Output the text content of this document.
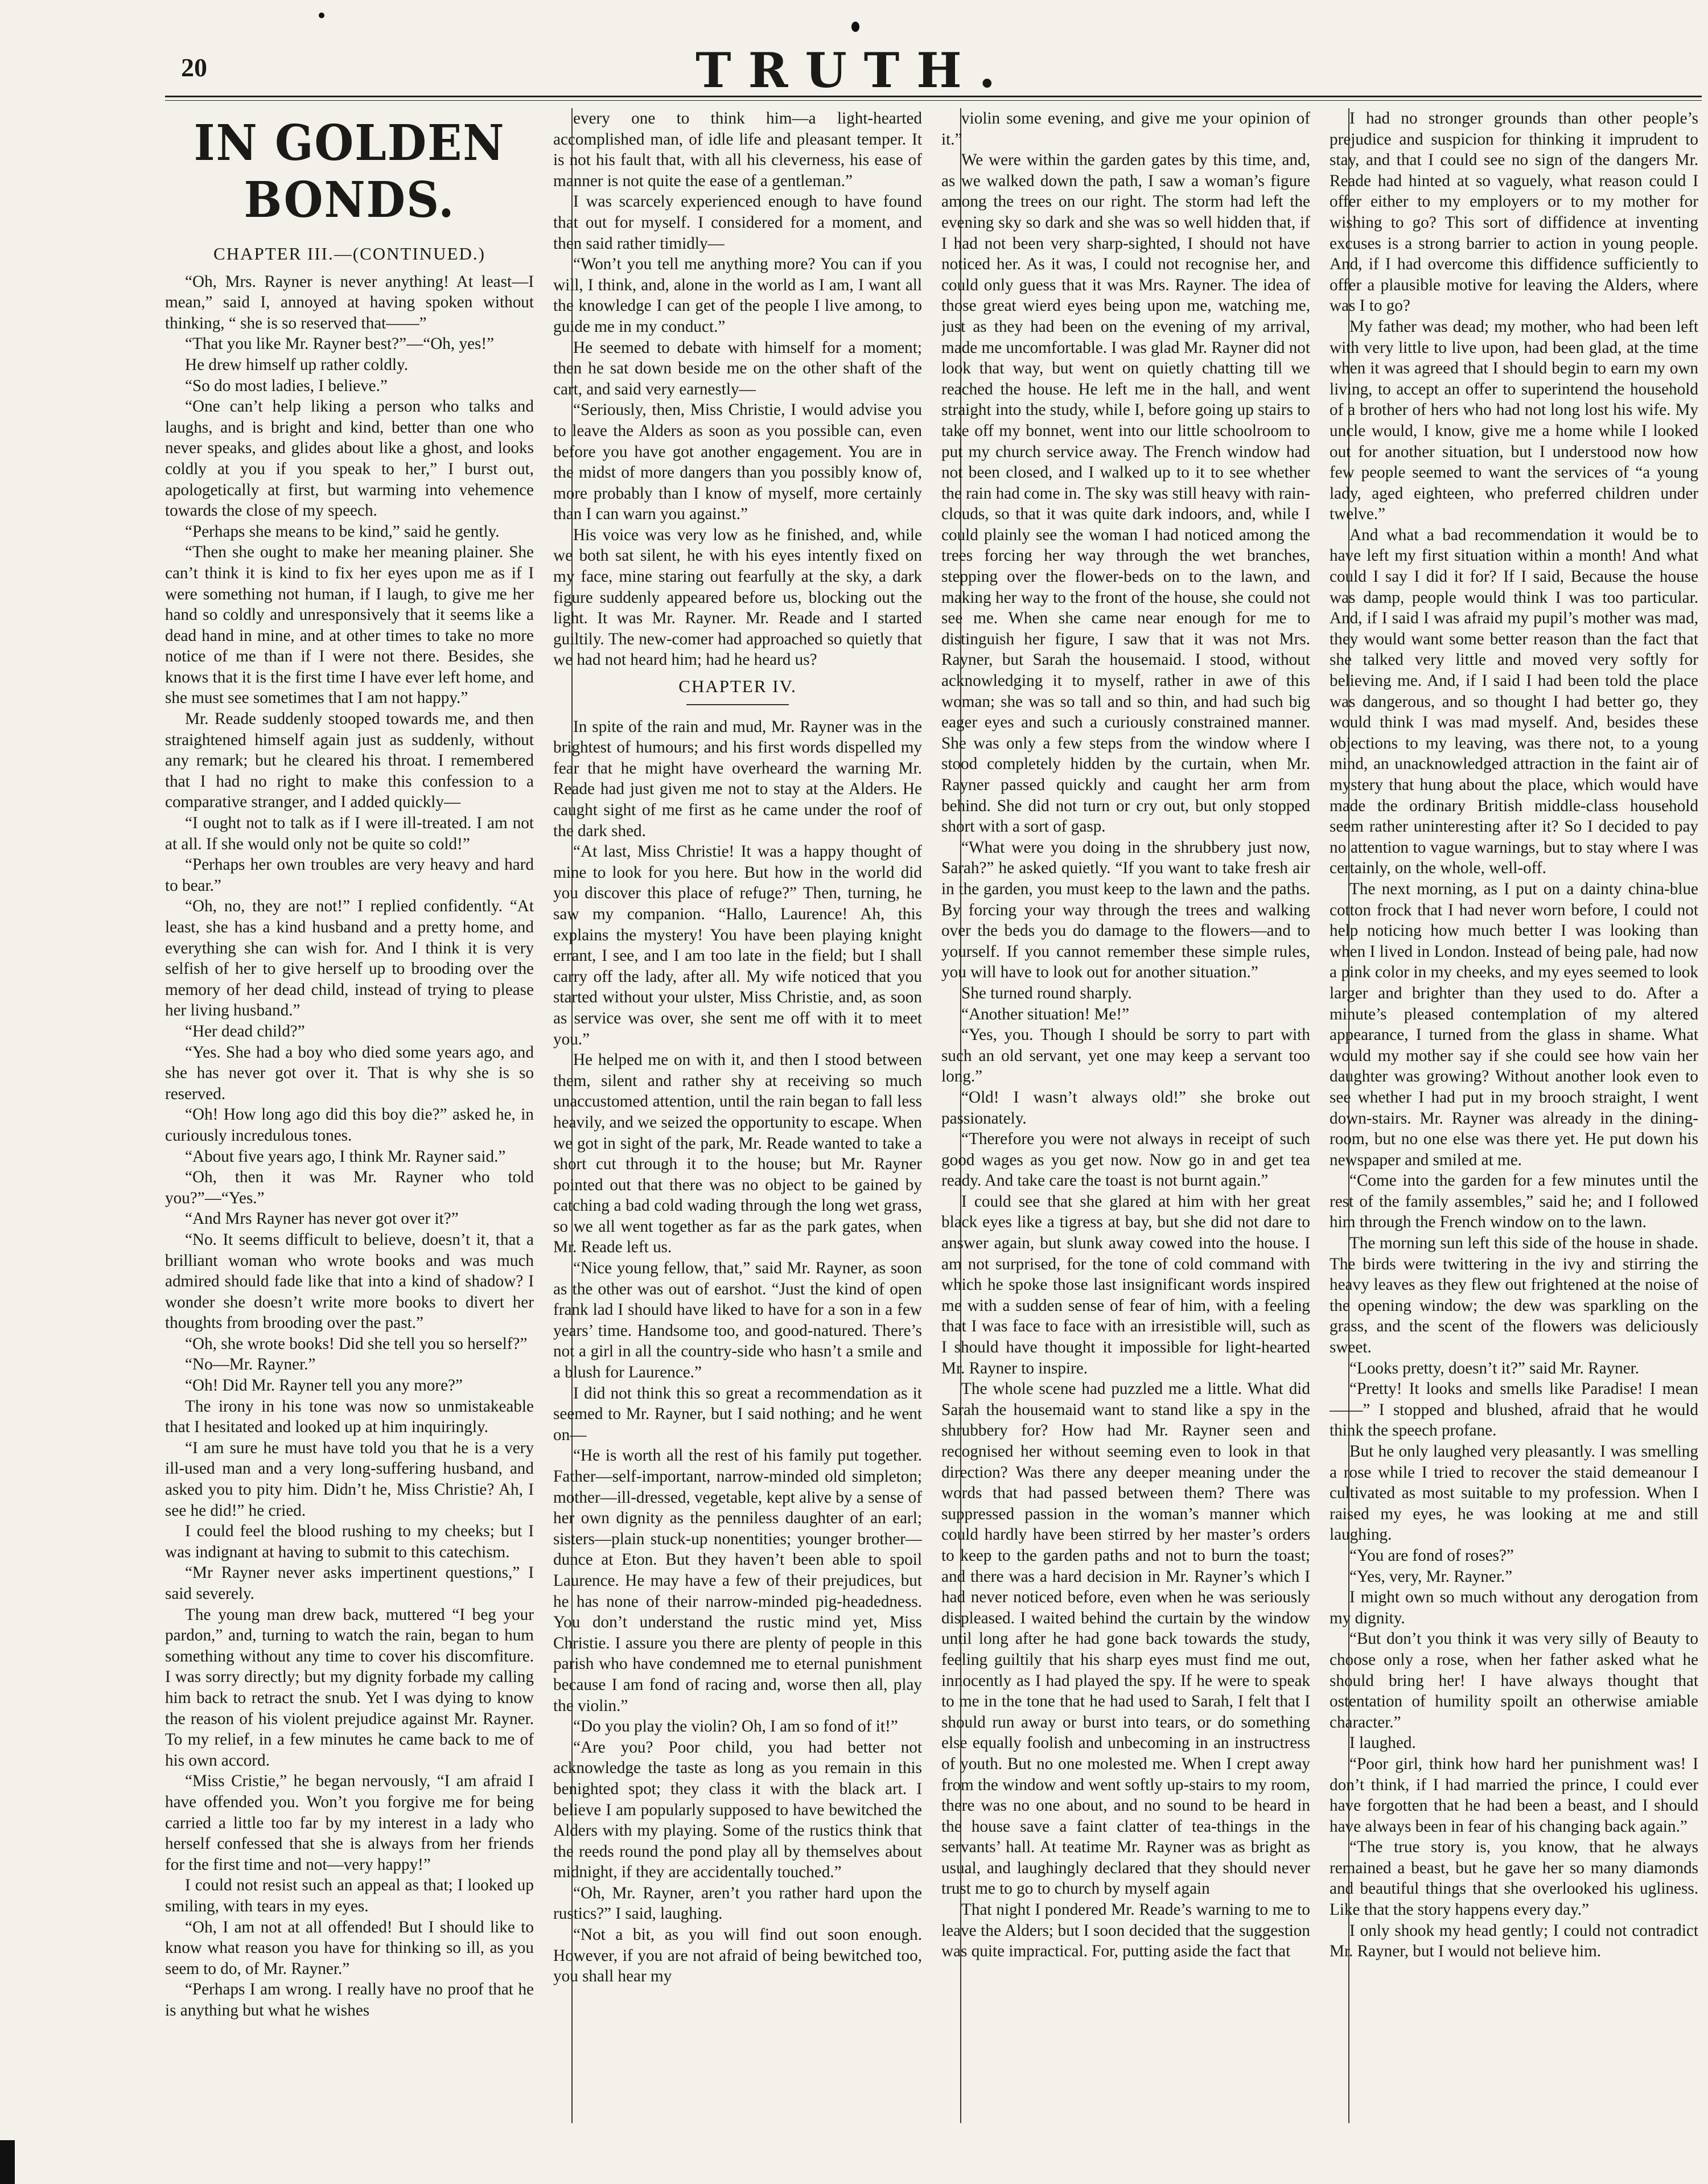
20	TRUTH.
IN GOLDEN BONDS.
CHAPTER III.—(CONTINUED.)

“Oh, Mrs. Rayner is never anything! At least—I mean,” said I, annoyed at having spoken without thinking, “ she is so reserved that——”

“That you like Mr. Rayner best?”—“Oh, yes!”

He drew himself up rather coldly.

“So do most ladies, I believe.”

“One can’t help liking a person who talks and laughs, and is bright and kind, better than one who never speaks, and glides about like a ghost, and looks coldly at you if you speak to her,” I burst out, apologetically at first, but warming into vehemence towards the close of my speech.

“Perhaps she means to be kind,” said he gently.

“Then she ought to make her meaning plainer. She can’t think it is kind to fix her eyes upon me as if I were something not human, if I laugh, to give me her hand so coldly and unresponsively that it seems like a dead hand in mine, and at other times to take no more notice of me than if I were not there. Besides, she knows that it is the first time I have ever left home, and she must see sometimes that I am not happy.”

Mr. Reade suddenly stooped towards me, and then straightened himself again just as suddenly, without any remark; but he cleared his throat. I remembered that I had no right to make this confession to a comparative stranger, and I added quickly—

“I ought not to talk as if I were ill-treated. I am not at all. If she would only not be quite so cold!”

“Perhaps her own troubles are very heavy and hard to bear.”

“Oh, no, they are not!” I replied confidently. “At least, she has a kind husband and a pretty home, and everything she can wish for. And I think it is very selfish of her to give herself up to brooding over the memory of her dead child, instead of trying to please her living husband.”

“Her dead child?”

“Yes. She had a boy who died some years ago, and she has never got over it. That is why she is so reserved.

“Oh! How long ago did this boy die?” asked he, in curiously incredulous tones.

“About five years ago, I think Mr. Rayner said.”

“Oh, then it was Mr. Rayner who told you?”—“Yes.”

“And Mrs Rayner has never got over it?”

“No. It seems difficult to believe, doesn’t it, that a brilliant woman who wrote books and was much admired should fade like that into a kind of shadow? I wonder she doesn’t write more books to divert her thoughts from brooding over the past.”

“Oh, she wrote books! Did she tell you so herself?”

“No—Mr. Rayner.”

“Oh! Did Mr. Rayner tell you any more?”

The irony in his tone was now so unmistakeable that I hesitated and looked up at him inquiringly.

“I am sure he must have told you that he is a very ill-used man and a very long-suffering husband, and asked you to pity him. Didn’t he, Miss Christie? Ah, I see he did!” he cried.

I could feel the blood rushing to my cheeks; but I was indignant at having to submit to this catechism.

“Mr Rayner never asks impertinent questions,” I said severely.

The young man drew back, muttered “I beg your pardon,” and, turning to watch the rain, began to hum something without any time to cover his discomfiture. I was sorry directly; but my dignity forbade my calling him back to retract the snub. Yet I was dying to know the reason of his violent prejudice against Mr. Rayner. To my relief, in a few minutes he came back to me of his own accord.

“Miss Cristie,” he began nervously, “I am afraid I have offended you. Won’t you forgive me for being carried a little too far by my interest in a lady who herself confessed that she is always from her friends for the first time and not—very happy!”

I could not resist such an appeal as that; I looked up smiling, with tears in my eyes.

“Oh, I am not at all offended! But I should like to know what reason you have for thinking so ill, as you seem to do, of Mr. Rayner.”

“Perhaps I am wrong. I really have no proof that he is anything but what he wishes

every one to think him—a light-hearted accomplished man, of idle life and pleasant temper. It is not his fault that, with all his cleverness, his ease of manner is not quite the ease of a gentleman.”

I was scarcely experienced enough to have found that out for myself. I considered for a moment, and then said rather timidly—

“Won’t you tell me anything more? You can if you will, I think, and, alone in the world as I am, I want all the knowledge I can get of the people I live among, to guide me in my conduct.”

He seemed to debate with himself for a moment; then he sat down beside me on the other shaft of the cart, and said very earnestly—

“Seriously, then, Miss Christie, I would advise you to leave the Alders as soon as you possible can, even before you have got another engagement. You are in the midst of more dangers than you possibly know of, more probably than I know of myself, more certainly than I can warn you against.”

His voice was very low as he finished, and, while we both sat silent, he with his eyes intently fixed on my face, mine staring out fearfully at the sky, a dark figure suddenly appeared before us, blocking out the light. It was Mr. Rayner. Mr. Reade and I started guiltily. The new-comer had approached so quietly that we had not heard him; had he heard us?

CHAPTER IV.

In spite of the rain and mud, Mr. Rayner was in the brightest of humours; and his first words dispelled my fear that he might have overheard the warning Mr. Reade had just given me not to stay at the Alders. He caught sight of me first as he came under the roof of the dark shed.

“At last, Miss Christie! It was a happy thought of mine to look for you here. But how in the world did you discover this place of refuge?” Then, turning, he saw my companion. “Hallo, Laurence! Ah, this explains the mystery! You have been playing knight errant, I see, and I am too late in the field; but I shall carry off the lady, after all. My wife noticed that you started without your ulster, Miss Christie, and, as soon as service was over, she sent me off with it to meet you.”

He helped me on with it, and then I stood between them, silent and rather shy at receiving so much unaccustomed attention, until the rain began to fall less heavily, and we seized the opportunity to escape. When we got in sight of the park, Mr. Reade wanted to take a short cut through it to the house; but Mr. Rayner pointed out that there was no object to be gained by catching a bad cold wading through the long wet grass, so we all went together as far as the park gates, when Mr. Reade left us.

“Nice young fellow, that,” said Mr. Rayner, as soon as the other was out of earshot. “Just the kind of open frank lad I should have liked to have for a son in a few years’ time. Handsome too, and good-natured. There’s not a girl in all the country-side who hasn’t a smile and a blush for Laurence.”

I did not think this so great a recommendation as it seemed to Mr. Rayner, but I said nothing; and he went on—

“He is worth all the rest of his family put together. Father—self-important, narrow-minded old simpleton; mother—ill-dressed, vegetable, kept alive by a sense of her own dignity as the penniless daughter of an earl; sisters—plain stuck-up nonentities; younger brother—dunce at Eton. But they haven’t been able to spoil Laurence. He may have a few of their prejudices, but he has none of their narrow-minded pig-headedness. You don’t understand the rustic mind yet, Miss Christie. I assure you there are plenty of people in this parish who have condemned me to eternal punishment because I am fond of racing and, worse then all, play the violin.”

“Do you play the violin? Oh, I am so fond of it!”

“Are you? Poor child, you had better not acknowledge the taste as long as you remain in this benighted spot; they class it with the black art. I believe I am popularly supposed to have bewitched the Alders with my playing. Some of the rustics think that the reeds round the pond play all by themselves about midnight, if they are accidentally touched.”

“Oh, Mr. Rayner, aren’t you rather hard upon the rustics?” I said, laughing.

“Not a bit, as you will find out soon enough. However, if you are not afraid of being bewitched too, you shall hear my

violin some evening, and give me your opinion of it.”

We were within the garden gates by this time, and, as we walked down the path, I saw a woman’s figure among the trees on our right. The storm had left the evening sky so dark and she was so well hidden that, if I had not been very sharp-sighted, I should not have noticed her. As it was, I could not recognise her, and could only guess that it was Mrs. Rayner. The idea of those great wierd eyes being upon me, watching me, just as they had been on the evening of my arrival, made me uncomfortable. I was glad Mr. Rayner did not look that way, but went on quietly chatting till we reached the house. He left me in the hall, and went straight into the study, while I, before going up stairs to take off my bonnet, went into our little schoolroom to put my church service away. The French window had not been closed, and I walked up to it to see whether the rain had come in. The sky was still heavy with rain-clouds, so that it was quite dark indoors, and, while I could plainly see the woman I had noticed among the trees forcing her way through the wet branches, stepping over the flower-beds on to the lawn, and making her way to the front of the house, she could not see me. When she came near enough for me to distinguish her figure, I saw that it was not Mrs. Rayner, but Sarah the housemaid. I stood, without acknowledging it to myself, rather in awe of this woman; she was so tall and so thin, and had such big eager eyes and such a curiously constrained manner. She was only a few steps from the window where I stood completely hidden by the curtain, when Mr. Rayner passed quickly and caught her arm from behind. She did not turn or cry out, but only stopped short with a sort of gasp.

“What were you doing in the shrubbery just now, Sarah?” he asked quietly. “If you want to take fresh air in the garden, you must keep to the lawn and the paths. By forcing your way through the trees and walking over the beds you do damage to the flowers—and to yourself. If you cannot remember these simple rules, you will have to look out for another situation.”

She turned round sharply.

“Another situation! Me!”

“Yes, you. Though I should be sorry to part with such an old servant, yet one may keep a servant too long.”

“Old! I wasn’t always old!” she broke out passionately.

“Therefore you were not always in receipt of such good wages as you get now. Now go in and get tea ready. And take care the toast is not burnt again.”

I could see that she glared at him with her great black eyes like a tigress at bay, but she did not dare to answer again, but slunk away cowed into the house. I am not surprised, for the tone of cold command with which he spoke those last insignificant words inspired me with a sudden sense of fear of him, with a feeling that I was face to face with an irresistible will, such as I should have thought it impossible for light-hearted Mr. Rayner to inspire.

The whole scene had puzzled me a little. What did Sarah the housemaid want to stand like a spy in the shrubbery for? How had Mr. Rayner seen and recognised her without seeming even to look in that direction? Was there any deeper meaning under the words that had passed between them? There was suppressed passion in the woman’s manner which could hardly have been stirred by her master’s orders to keep to the garden paths and not to burn the toast; and there was a hard decision in Mr. Rayner’s which I had never noticed before, even when he was seriously displeased. I waited behind the curtain by the window until long after he had gone back towards the study, feeling guiltily that his sharp eyes must find me out, innocently as I had played the spy. If he were to speak to me in the tone that he had used to Sarah, I felt that I should run away or burst into tears, or do something else equally foolish and unbecoming in an instructress of youth. But no one molested me. When I crept away from the window and went softly up-stairs to my room, there was no one about, and no sound to be heard in the house save a faint clatter of tea-things in the servants’ hall. At teatime Mr. Rayner was as bright as usual, and laughingly declared that they should never trust me to go to church by myself again

That night I pondered Mr. Reade’s warning to me to leave the Alders; but I soon decided that the suggestion was quite impractical. For, putting aside the fact that

I had no stronger grounds than other people’s prejudice and suspicion for thinking it imprudent to stay, and that I could see no sign of the dangers Mr. Reade had hinted at so vaguely, what reason could I offer either to my employers or to my mother for wishing to go? This sort of diffidence at inventing excuses is a strong barrier to action in young people. And, if I had overcome this diffidence sufficiently to offer a plausible motive for leaving the Alders, where was I to go?

My father was dead; my mother, who had been left with very little to live upon, had been glad, at the time when it was agreed that I should begin to earn my own living, to accept an offer to superintend the household of a brother of hers who had not long lost his wife. My uncle would, I know, give me a home while I looked out for another situation, but I understood now how few people seemed to want the services of “a young lady, aged eighteen, who preferred children under twelve.”

And what a bad recommendation it would be to have left my first situation within a month! And what could I say I did it for? If I said, Because the house was damp, people would think I was too particular. And, if I said I was afraid my pupil’s mother was mad, they would want some better reason than the fact that she talked very little and moved very softly for believing me. And, if I said I had been told the place was dangerous, and so thought I had better go, they would think I was mad myself. And, besides these objections to my leaving, was there not, to a young mind, an unacknowledged attraction in the faint air of mystery that hung about the place, which would have made the ordinary British middle-class household seem rather uninteresting after it? So I decided to pay no attention to vague warnings, but to stay where I was certainly, on the whole, well-off.

The next morning, as I put on a dainty china-blue cotton frock that I had never worn before, I could not help noticing how much better I was looking than when I lived in London. Instead of being pale, had now a pink color in my cheeks, and my eyes seemed to look larger and brighter than they used to do. After a minute’s pleased contemplation of my altered appearance, I turned from the glass in shame. What would my mother say if she could see how vain her daughter was growing? Without another look even to see whether I had put in my brooch straight, I went down-stairs. Mr. Rayner was already in the dining-room, but no one else was there yet. He put down his newspaper and smiled at me.

“Come into the garden for a few minutes until the rest of the family assembles,” said he; and I followed him through the French window on to the lawn.

The morning sun left this side of the house in shade. The birds were twittering in the ivy and stirring the heavy leaves as they flew out frightened at the noise of the opening window; the dew was sparkling on the grass, and the scent of the flowers was deliciously sweet.

“Looks pretty, doesn’t it?” said Mr. Rayner.

“Pretty! It looks and smells like Paradise! I mean——” I stopped and blushed, afraid that he would think the speech profane.

But he only laughed very pleasantly. I was smelling a rose while I tried to recover the staid demeanour I cultivated as most suitable to my profession. When I raised my eyes, he was looking at me and still laughing.

“You are fond of roses?”

“Yes, very, Mr. Rayner.”

I might own so much without any derogation from my dignity.

“But don’t you think it was very silly of Beauty to choose only a rose, when her father asked what he should bring her! I have always thought that ostentation of humility spoilt an otherwise amiable character.”

I laughed.

“Poor girl, think how hard her punishment was! I don’t think, if I had married the prince, I could ever have forgotten that he had been a beast, and I should have always been in fear of his changing back again.”

“The true story is, you know, that he always remained a beast, but he gave her so many diamonds and beautiful things that she overlooked his ugliness. Like that the story happens every day.”

I only shook my head gently; I could not contradict Mr. Rayner, but I would not believe him.
